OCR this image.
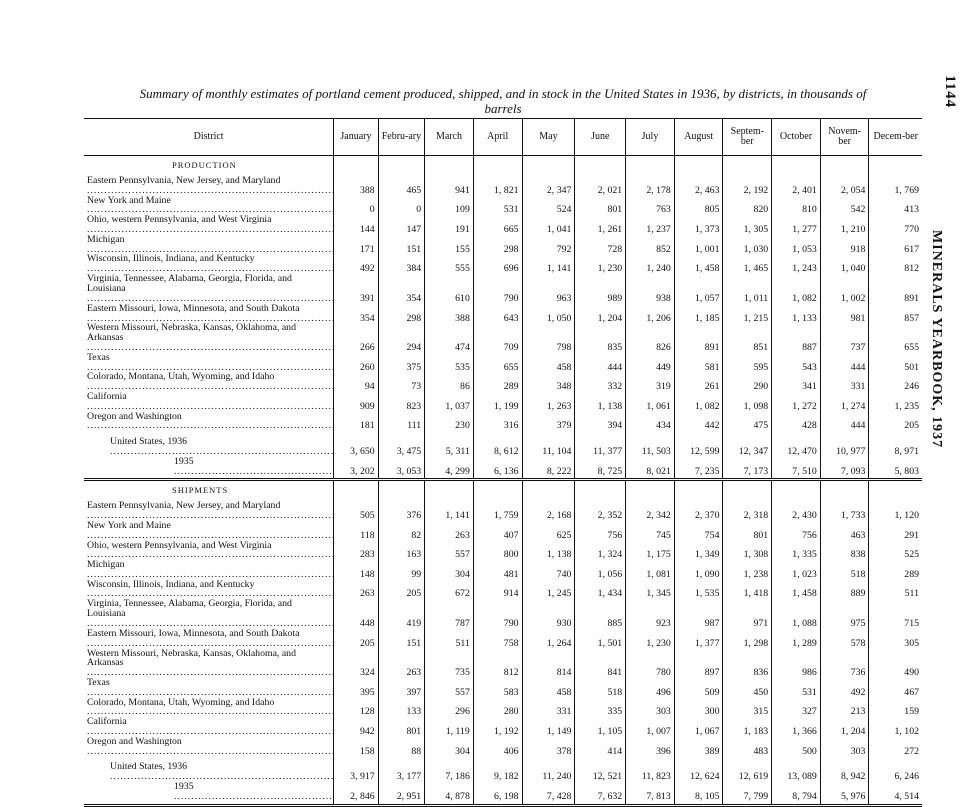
1144
MINERALS YEARBOOK, 1937
Summary of monthly estimates of portland cement produced, shipped, and in stock in the United States in 1936, by districts, in thousands of
barrels
District	January	Febru-ary	March	April	May	June	July	August	Septem-ber	October	Novem-ber	Decem-ber
PRODUCTION												
Eastern Pennsylvania, New Jersey, and Maryland .....	388	465	941	1, 821	2, 347	2, 021	2, 178	2, 463	2, 192	2, 401	2, 054	1, 769
New York and Maine .....	0	0	109	531	524	801	763	805	820	810	542	413
Ohio, western Pennsylvania, and West Virginia .....	144	147	191	665	1, 041	1, 261	1, 237	1, 373	1, 305	1, 277	1, 210	770
Michigan .....	171	151	155	298	792	728	852	1, 001	1, 030	1, 053	918	617
Wisconsin, Illinois, Indiana, and Kentucky .....	492	384	555	696	1, 141	1, 230	1, 240	1, 458	1, 465	1, 243	1, 040	812
Virginia, Tennessee, Alabama, Georgia, Florida, and Louisiana .....	391	354	610	790	963	989	938	1, 057	1, 011	1, 082	1, 002	891
Eastern Missouri, Iowa, Minnesota, and South Dakota .....	354	298	388	643	1, 050	1, 204	1, 206	1, 185	1, 215	1, 133	981	857
Western Missouri, Nebraska, Kansas, Oklahoma, and Arkansas .....	266	294	474	709	798	835	826	891	851	887	737	655
Texas .....	260	375	535	655	458	444	449	581	595	543	444	501
Colorado, Montana, Utah, Wyoming, and Idaho .....	94	73	86	289	348	332	319	261	290	341	331	246
California .....	909	823	1, 037	1, 199	1, 263	1, 138	1, 061	1, 082	1, 098	1, 272	1, 274	1, 235
Oregon and Washington .....	181	111	230	316	379	394	434	442	475	428	444	205
United States, 1936 .....	3, 650	3, 475	5, 311	8, 612	11, 104	11, 377	11, 503	12, 599	12, 347	12, 470	10, 977	8, 971
1935 .....	3, 202	3, 053	4, 299	6, 136	8, 222	8, 725	8, 021	7, 235	7, 173	7, 510	7, 093	5, 803
SHIPMENTS												
Eastern Pennsylvania, New Jersey, and Maryland .....	505	376	1, 141	1, 759	2, 168	2, 352	2, 342	2, 370	2, 318	2, 430	1, 733	1, 120
New York and Maine .....	118	82	263	407	625	756	745	754	801	756	463	291
Ohio, western Pennsylvania, and West Virginia .....	283	163	557	800	1, 138	1, 324	1, 175	1, 349	1, 308	1, 335	838	525
Michigan .....	148	99	304	481	740	1, 056	1, 081	1, 090	1, 238	1, 023	518	289
Wisconsin, Illinois, Indiana, and Kentucky .....	263	205	672	914	1, 245	1, 434	1, 345	1, 535	1, 418	1, 458	889	511
Virginia, Tennessee, Alabama, Georgia, Florida, and Louisiana .....	448	419	787	790	930	885	923	987	971	1, 088	975	715
Eastern Missouri, Iowa, Minnesota, and South Dakota .....	205	151	511	758	1, 264	1, 501	1, 230	1, 377	1, 298	1, 289	578	305
Western Missouri, Nebraska, Kansas, Oklahoma, and Arkansas .....	324	263	735	812	814	841	780	897	836	986	736	490
Texas .....	395	397	557	583	458	518	496	509	450	531	492	467
Colorado, Montana, Utah, Wyoming, and Idaho .....	128	133	296	280	331	335	303	300	315	327	213	159
California .....	942	801	1, 119	1, 192	1, 149	1, 105	1, 007	1, 067	1, 183	1, 366	1, 204	1, 102
Oregon and Washington .....	158	88	304	406	378	414	396	389	483	500	303	272
United States, 1936 .....	3, 917	3, 177	7, 186	9, 182	11, 240	12, 521	11, 823	12, 624	12, 619	13, 089	8, 942	6, 246
1935 .....	2, 846	2, 951	4, 878	6, 198	7, 428	7, 632	7, 813	8, 105	7, 799	8, 794	5, 976	4, 514
